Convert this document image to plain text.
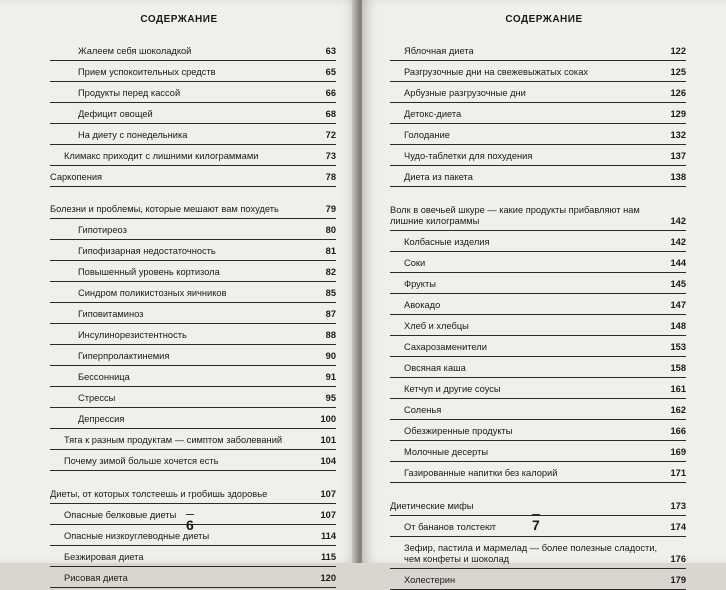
СОДЕРЖАНИЕ
Жалеем себя шоколадкой	63
Прием успокоительных средств	65
Продукты перед кассой	66
Дефицит овощей	68
На диету с понедельника	72
Климакс приходит с лишними килограммами	73
Саркопения	78
Болезни и проблемы, которые мешают вам похудеть	79
Гипотиреоз	80
Гипофизарная недостаточность	81
Повышенный уровень кортизола	82
Синдром поликистозных яичников	85
Гиповитаминоз	87
Инсулинорезистентность	88
Гиперпролактинемия	90
Бессонница	91
Стрессы	95
Депрессия	100
Тяга к разным продуктам — симптом заболеваний	101
Почему зимой больше хочется есть	104
Диеты, от которых толстеешь и гробишь здоровье	107
Опасные белковые диеты	107
Опасные низкоуглеводные диеты	114
Безжировая диета	115
Рисовая диета	120
6
СОДЕРЖАНИЕ
Яблочная диета	122
Разгрузочные дни на свежевыжатых соках	125
Арбузные разгрузочные дни	126
Детокс-диета	129
Голодание	132
Чудо-таблетки для похудения	137
Диета из пакета	138
Волк в овечьей шкуре — какие продукты прибавляют нам лишние килограммы	142
Колбасные изделия	142
Соки	144
Фрукты	145
Авокадо	147
Хлеб и хлебцы	148
Сахарозаменители	153
Овсяная каша	158
Кетчуп и другие соусы	161
Соленья	162
Обезжиренные продукты	166
Молочные десерты	169
Газированные напитки без калорий	171
Диетические мифы	173
От бананов толстеют	174
Зефир, пастила и мармелад — более полезные сладости, чем конфеты и шоколад	176
Холестерин	179
7
